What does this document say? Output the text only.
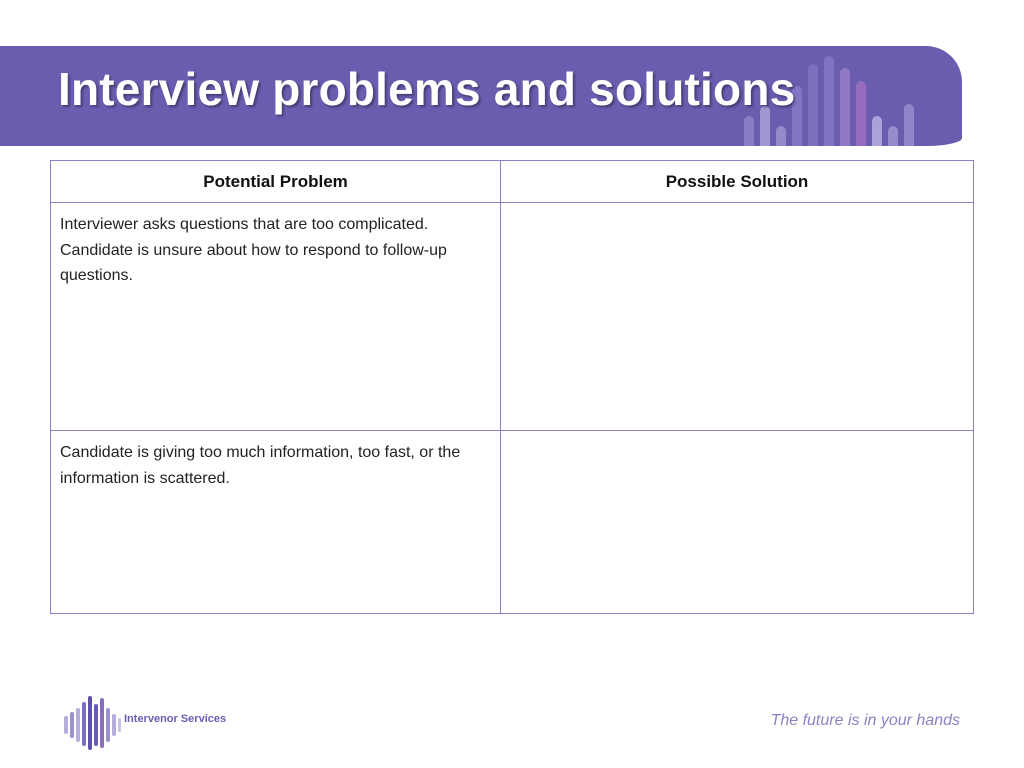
Interview problems and solutions
Potential Problem	Possible Solution
Interviewer asks questions that are too complicated. Candidate is unsure about how to respond to follow-up questions.	
Candidate is giving too much information, too fast, or the information is scattered.	
Intervenor Services	The future is in your hands
